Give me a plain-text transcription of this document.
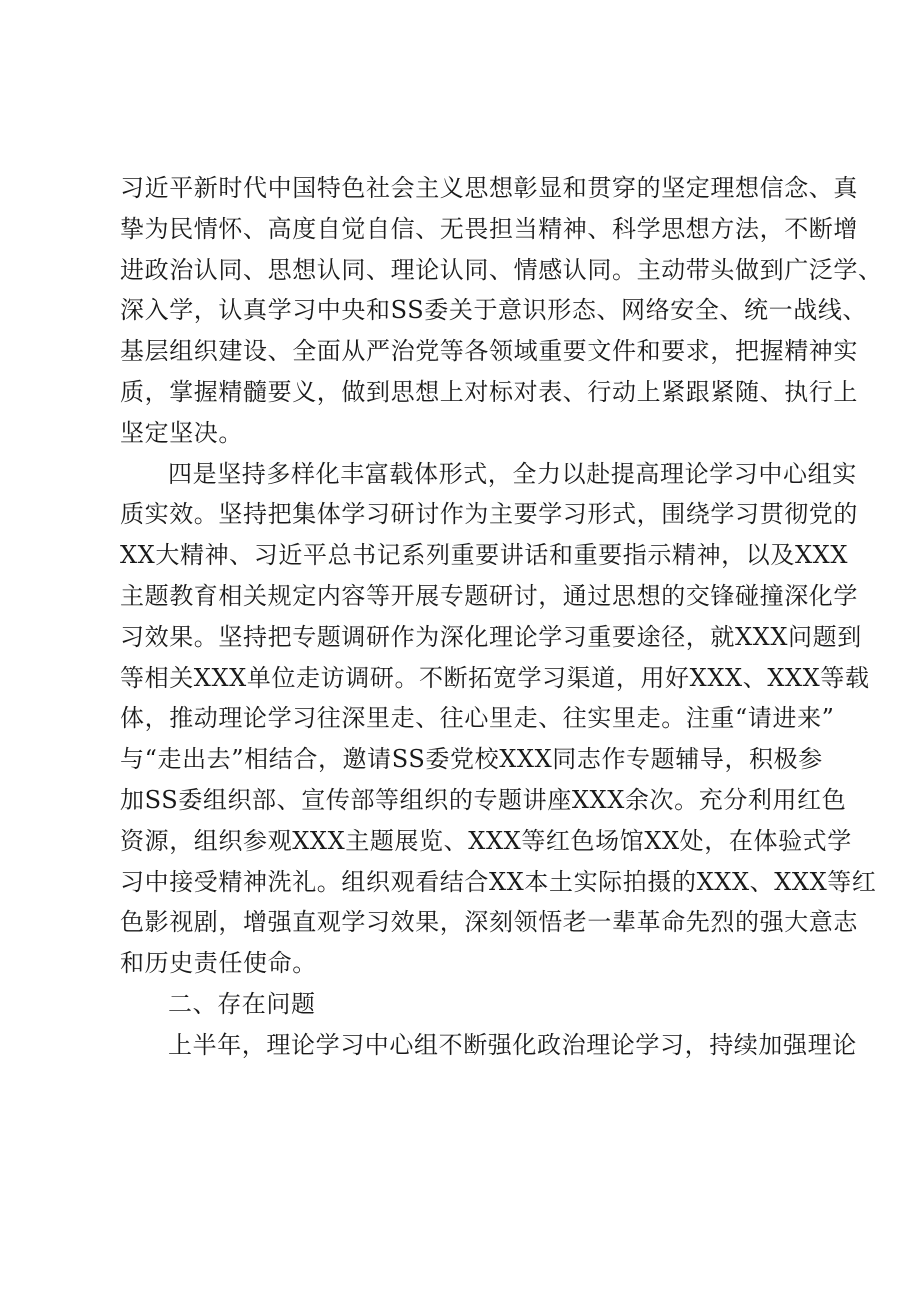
习近平新时代中国特色社会主义思想彰显和贯穿的坚定理想信念、真
挚为民情怀、高度自觉自信、无畏担当精神、科学思想方法，不断增
进政治认同、思想认同、理论认同、情感认同。主动带头做到广泛学、
深入学，认真学习中央和SS委关于意识形态、网络安全、统一战线、
基层组织建设、全面从严治党等各领域重要文件和要求，把握精神实
质，掌握精髓要义，做到思想上对标对表、行动上紧跟紧随、执行上
坚定坚决。
四是坚持多样化丰富载体形式，全力以赴提高理论学习中心组实
质实效。坚持把集体学习研讨作为主要学习形式，围绕学习贯彻党的
XX大精神、习近平总书记系列重要讲话和重要指示精神，以及XXX
主题教育相关规定内容等开展专题研讨，通过思想的交锋碰撞深化学
习效果。坚持把专题调研作为深化理论学习重要途径，就XXX问题到
等相关XXX单位走访调研。不断拓宽学习渠道，用好XXX、XXX等载
体，推动理论学习往深里走、往心里走、往实里走。注重“请进来”
与“走出去”相结合，邀请SS委党校XXX同志作专题辅导，积极参
加SS委组织部、宣传部等组织的专题讲座XXX余次。充分利用红色
资源，组织参观XXX主题展览、XXX等红色场馆XX处，在体验式学
习中接受精神洗礼。组织观看结合XX本土实际拍摄的XXX、XXX等红
色影视剧，增强直观学习效果，深刻领悟老一辈革命先烈的强大意志
和历史责任使命。
二、存在问题
上半年，理论学习中心组不断强化政治理论学习，持续加强理论
